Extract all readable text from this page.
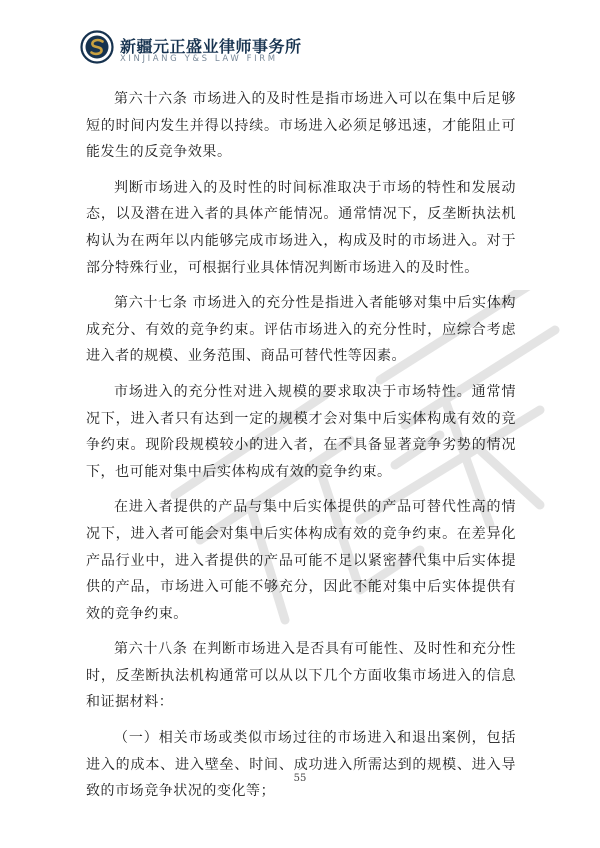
新疆元正盛业律师事务所
XINJIANG Y&S LAW FIRM

第六十六条 市场进入的及时性是指市场进入可以在集中后足够短的时间内发生并得以持续。市场进入必须足够迅速，才能阻止可能发生的反竞争效果。

判断市场进入的及时性的时间标准取决于市场的特性和发展动态，以及潜在进入者的具体产能情况。通常情况下，反垄断执法机构认为在两年以内能够完成市场进入，构成及时的市场进入。对于部分特殊行业，可根据行业具体情况判断市场进入的及时性。

第六十七条 市场进入的充分性是指进入者能够对集中后实体构成充分、有效的竞争约束。评估市场进入的充分性时，应综合考虑进入者的规模、业务范围、商品可替代性等因素。

市场进入的充分性对进入规模的要求取决于市场特性。通常情况下，进入者只有达到一定的规模才会对集中后实体构成有效的竞争约束。现阶段规模较小的进入者，在不具备显著竞争劣势的情况下，也可能对集中后实体构成有效的竞争约束。

在进入者提供的产品与集中后实体提供的产品可替代性高的情况下，进入者可能会对集中后实体构成有效的竞争约束。在差异化产品行业中，进入者提供的产品可能不足以紧密替代集中后实体提供的产品，市场进入可能不够充分，因此不能对集中后实体提供有效的竞争约束。

第六十八条 在判断市场进入是否具有可能性、及时性和充分性时，反垄断执法机构通常可以从以下几个方面收集市场进入的信息和证据材料：

（一）相关市场或类似市场过往的市场进入和退出案例，包括进入的成本、进入壁垒、时间、成功进入所需达到的规模、进入导致的市场竞争状况的变化等；

55
